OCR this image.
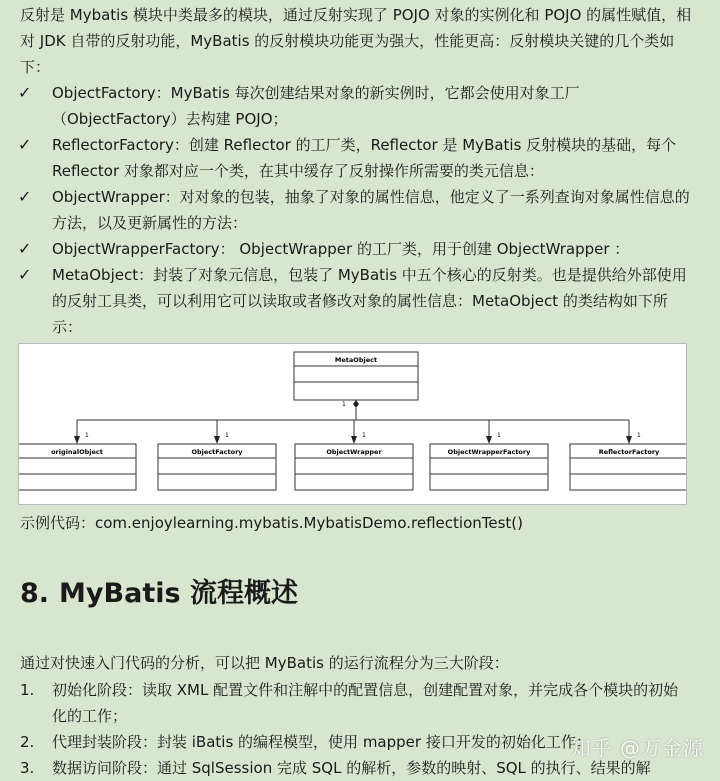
反射是 Mybatis 模块中类最多的模块，通过反射实现了 POJO 对象的实例化和 POJO 的属性赋值，相对 JDK 自带的反射功能，MyBatis 的反射模块功能更为强大，性能更高：反射模块关键的几个类如下：

✓ ObjectFactory：MyBatis 每次创建结果对象的新实例时，它都会使用对象工厂（ObjectFactory）去构建 POJO；
✓ ReflectorFactory：创建 Reflector 的工厂类，Reflector 是 MyBatis 反射模块的基础，每个 Reflector 对象都对应一个类，在其中缓存了反射操作所需要的类元信息：
✓ ObjectWrapper：对对象的包装，抽象了对象的属性信息，他定义了一系列查询对象属性信息的方法，以及更新属性的方法：
✓ ObjectWrapperFactory： ObjectWrapper 的工厂类，用于创建 ObjectWrapper ：
✓ MetaObject：封装了对象元信息，包装了 MyBatis 中五个核心的反射类。也是提供给外部使用的反射工具类，可以利用它可以读取或者修改对象的属性信息：MetaObject 的类结构如下所示：
MetaObject
1
1
originalObject
1
ObjectFactory
1
ObjectWrapper
1
ObjectWrapperFactory
1
ReflectorFactory
示例代码：com.enjoylearning.mybatis.MybatisDemo.reflectionTest()
8. MyBatis 流程概述
通过对快速入门代码的分析，可以把 MyBatis 的运行流程分为三大阶段：
1. 初始化阶段：读取 XML 配置文件和注解中的配置信息，创建配置对象，并完成各个模块的初始化的工作；
2. 代理封装阶段：封装 iBatis 的编程模型，使用 mapper 接口开发的初始化工作；
3. 数据访问阶段：通过 SqlSession 完成 SQL 的解析，参数的映射、SQL 的执行、结果的解
知乎 @万金源
